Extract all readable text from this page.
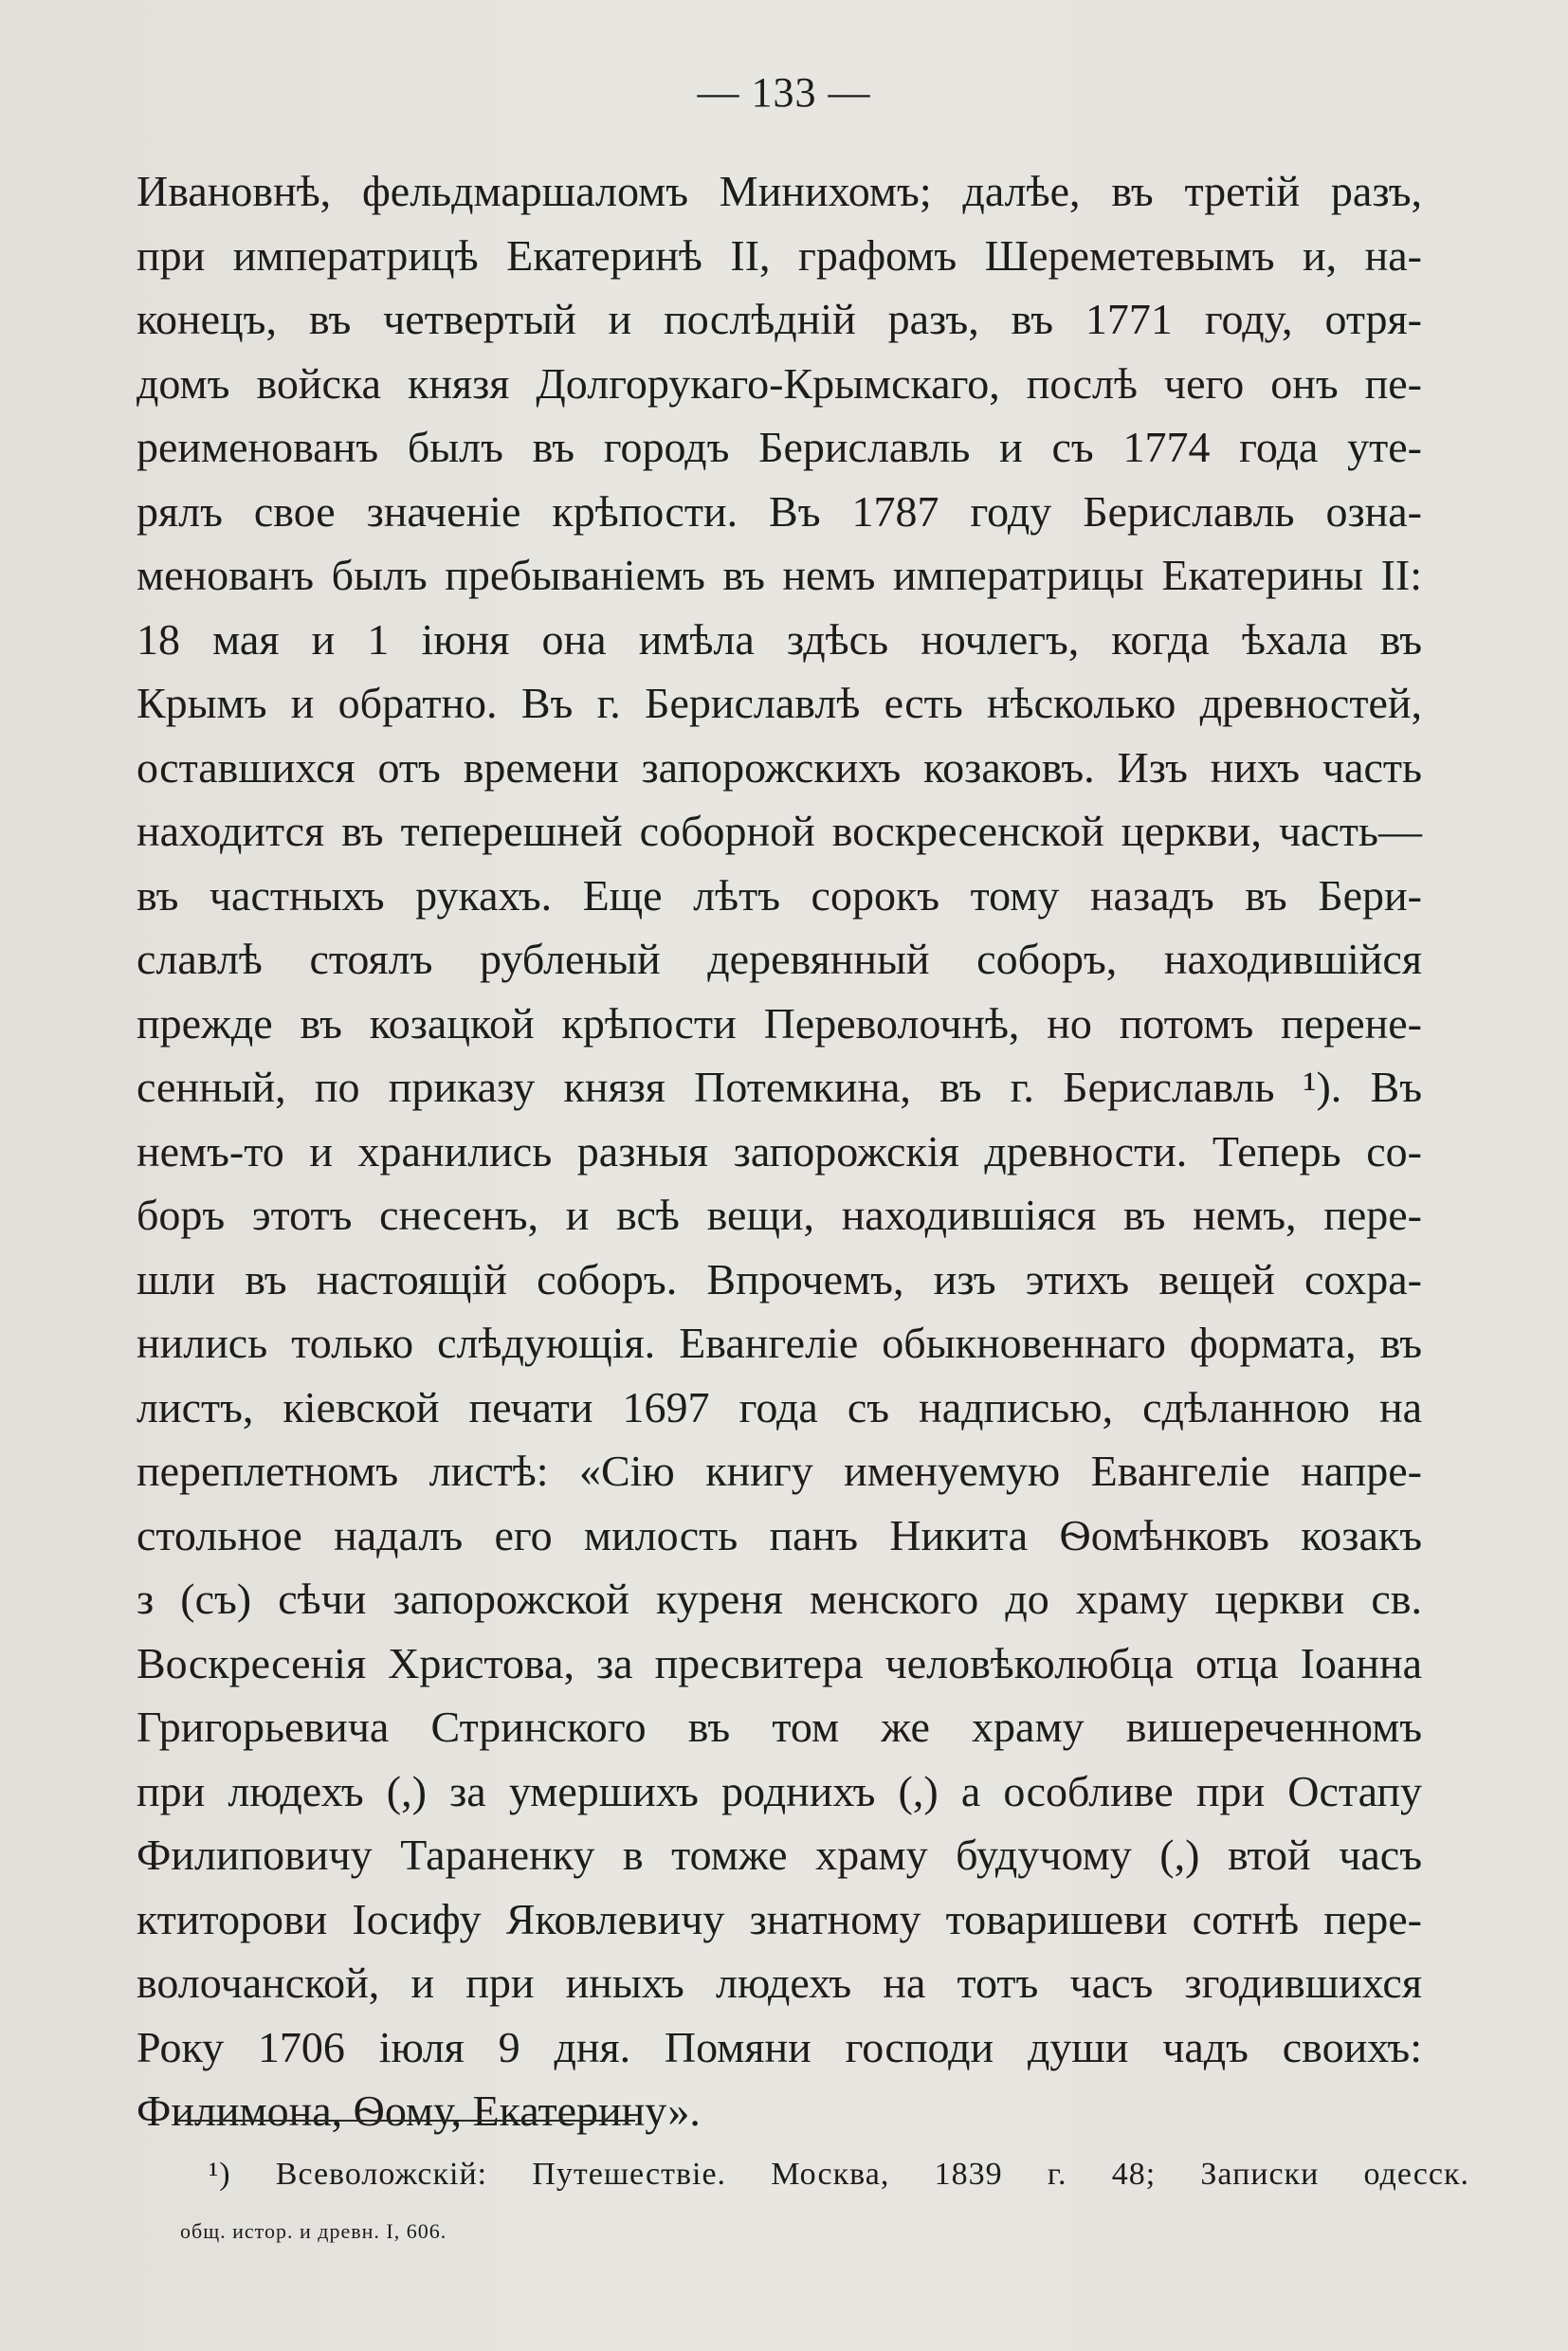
— 133 —
Ивановнѣ, фельдмаршаломъ Минихомъ; далѣе, въ третій разъ,
при императрицѣ Екатеринѣ II, графомъ Шереметевымъ и, на-
конецъ, въ четвертый и послѣдній разъ, въ 1771 году, отря-
домъ войска князя Долгорукаго-Крымскаго, послѣ чего онъ пе-
реименованъ былъ въ городъ Бериславль и съ 1774 года утe-
рялъ свое значеніе крѣпости. Въ 1787 году Бериславль озна-
менованъ былъ пребываніемъ въ немъ императрицы Екатерины II:
18 мая и 1 іюня она имѣла здѣсь ночлегъ, когда ѣхала въ
Крымъ и обратно. Въ г. Бериславлѣ есть нѣсколько древностей,
оставшихся отъ времени запорожскихъ козаковъ. Изъ нихъ часть
находится въ теперешней соборной воскресенской церкви, часть—
въ частныхъ рукахъ. Еще лѣтъ сорокъ тому назадъ въ Бери-
славлѣ стоялъ рубленый деревянный соборъ, находившійся
прежде въ козацкой крѣпости Переволочнѣ, но потомъ перене-
сенный, по приказу князя Потемкина, въ г. Бериславль ¹). Въ
немъ-то и хранились разныя запорожскія древности. Теперь со-
боръ этотъ снесенъ, и всѣ вещи, находившіяся въ немъ, пере-
шли въ настоящій соборъ. Впрочемъ, изъ этихъ вещей сохра-
нились только слѣдующія. Евангеліе обыкновеннаго формата, въ
листъ, кіевской печати 1697 года съ надписью, сдѣланною на
переплетномъ листѣ: «Сію книгу именуемую Евангеліе напре-
стольное надалъ его милость панъ Никита Ѳомѣнковъ козакъ
з (съ) сѣчи запорожской куреня менского до храму церкви св.
Воскресенія Христова, за пресвитера человѣколюбца отца Іоанна
Григорьевича Стринского въ том же храму вишереченномъ
при людехъ (,) за умершихъ роднихъ (,) а особливе при Остапу
Филиповичу Тараненку в томже храму будучому (,) втой часъ
ктиторови Іосифу Яковлевичу знатному товаришеви сотнѣ пере-
волочанской, и при иныхъ людехъ на тотъ часъ згодившихся
Року 1706 іюля 9 дня. Помяни господи души чадъ своихъ:
Филимона, Ѳому, Екатерину».
¹) Всеволожскій: Путешествіе. Москва, 1839 г. 48; Записки одесск.
общ. истор. и древн. I, 606.
